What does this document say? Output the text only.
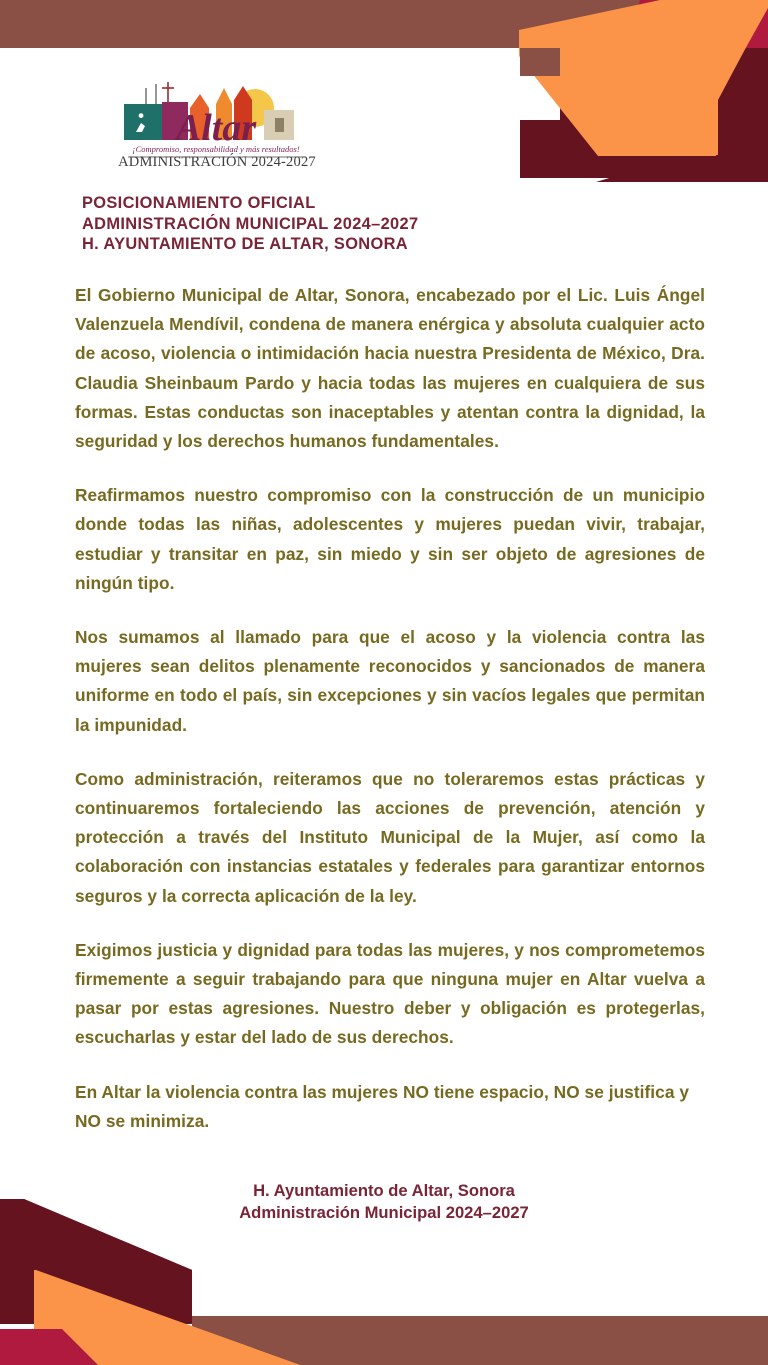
Altar
¡Compromiso, responsabilidad y más resultados!
ADMINISTRACIÓN 2024-2027
POSICIONAMIENTO OFICIAL
ADMINISTRACIÓN MUNICIPAL 2024–2027
H. AYUNTAMIENTO DE ALTAR, SONORA

El Gobierno Municipal de Altar, Sonora, encabezado por el Lic. Luis Ángel Valenzuela Mendívil, condena de manera enérgica y absoluta cualquier acto de acoso, violencia o intimidación hacia nuestra Presidenta de México, Dra. Claudia Sheinbaum Pardo y hacia todas las mujeres en cualquiera de sus formas. Estas conductas son inaceptables y atentan contra la dignidad, la seguridad y los derechos humanos fundamentales.

Reafirmamos nuestro compromiso con la construcción de un municipio donde todas las niñas, adolescentes y mujeres puedan vivir, trabajar, estudiar y transitar en paz, sin miedo y sin ser objeto de agresiones de ningún tipo.

Nos sumamos al llamado para que el acoso y la violencia contra las mujeres sean delitos plenamente reconocidos y sancionados de manera uniforme en todo el país, sin excepciones y sin vacíos legales que permitan la impunidad.

Como administración, reiteramos que no toleraremos estas prácticas y continuaremos fortaleciendo las acciones de prevención, atención y protección a través del Instituto Municipal de la Mujer, así como la colaboración con instancias estatales y federales para garantizar entornos seguros y la correcta aplicación de la ley.

Exigimos justicia y dignidad para todas las mujeres, y nos comprometemos firmemente a seguir trabajando para que ninguna mujer en Altar vuelva a pasar por estas agresiones. Nuestro deber y obligación es protegerlas, escucharlas y estar del lado de sus derechos.

En Altar la violencia contra las mujeres NO tiene espacio, NO se justifica y NO se minimiza.

H. Ayuntamiento de Altar, Sonora
Administración Municipal 2024–2027
